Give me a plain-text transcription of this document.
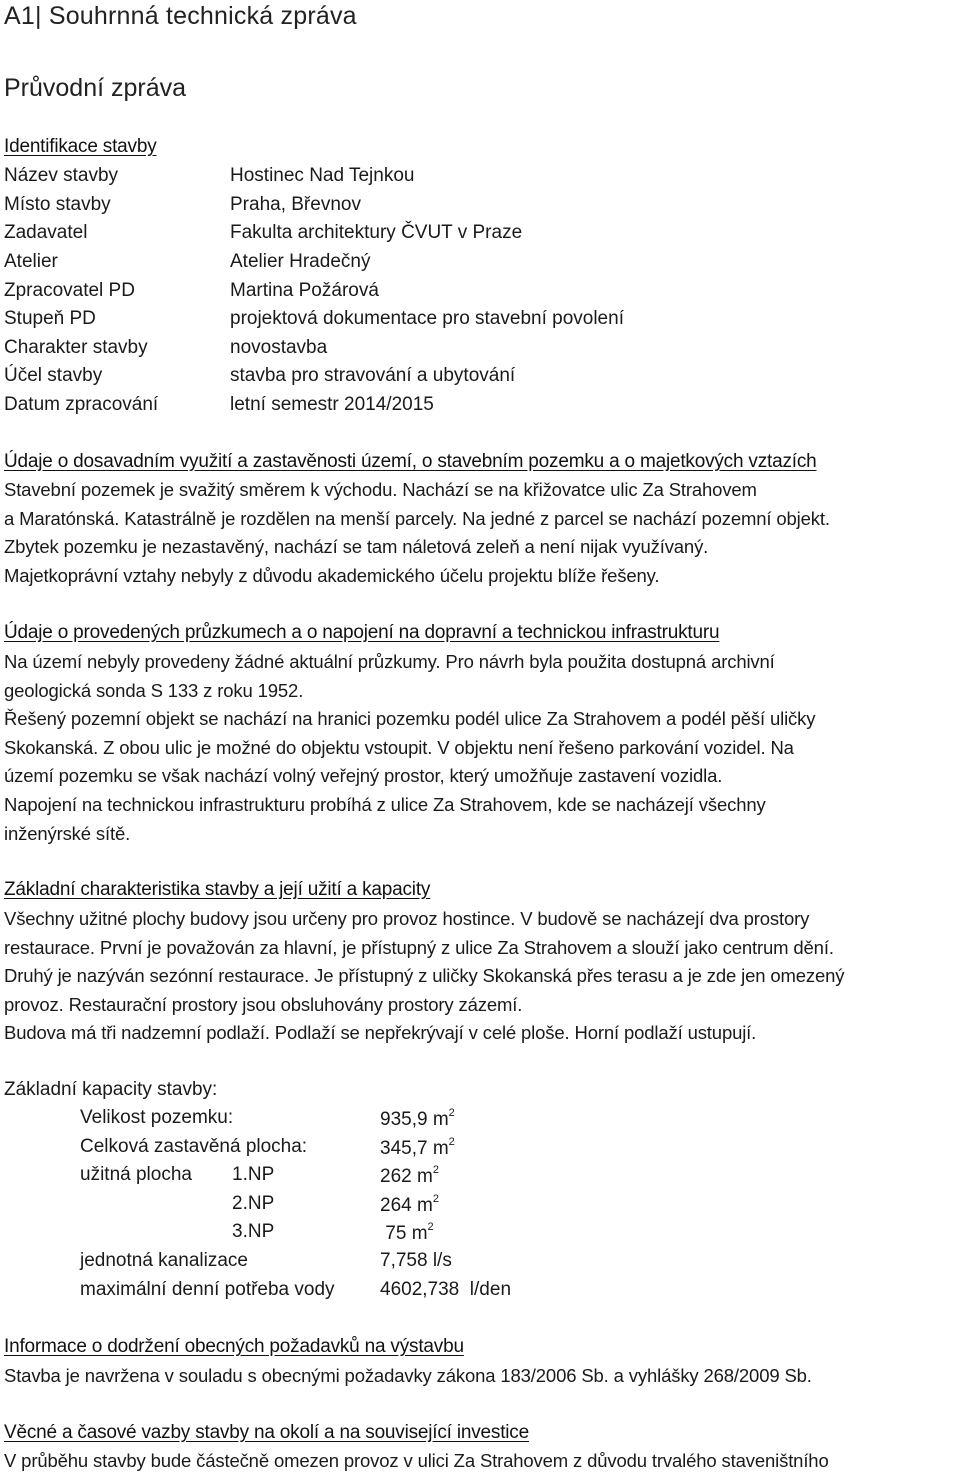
A1| Souhrnná technická zpráva
Průvodní zpráva
Identifikace stavby
Název stavby	Hostinec Nad Tejnkou
Místo stavby	Praha, Břevnov
Zadavatel	Fakulta architektury ČVUT v Praze
Atelier	Atelier Hradečný
Zpracovatel PD	Martina Požárová
Stupeň PD	projektová dokumentace pro stavební povolení
Charakter stavby	novostavba
Účel stavby	stavba pro stravování a ubytování
Datum zpracování	letní semestr 2014/2015
Údaje o dosavadním využití a zastavěnosti území, o stavebním pozemku a o majetkových vztazích

Stavební pozemek je svažitý směrem k východu. Nachází se na křižovatce ulic Za Strahovem

a Maratónská. Katastrálně je rozdělen na menší parcely. Na jedné z parcel se nachází pozemní objekt.

Zbytek pozemku je nezastavěný, nachází se tam náletová zeleň a není nijak využívaný.

Majetkoprávní vztahy nebyly z důvodu akademického účelu projektu blíže řešeny.

Údaje o provedených průzkumech a o napojení na dopravní a technickou infrastrukturu

Na území nebyly provedeny žádné aktuální průzkumy. Pro návrh byla použita dostupná archivní

geologická sonda S 133 z roku 1952.

Řešený pozemní objekt se nachází na hranici pozemku podél ulice Za Strahovem a podél pěší uličky

Skokanská. Z obou ulic je možné do objektu vstoupit. V objektu není řešeno parkování vozidel. Na

území pozemku se však nachází volný veřejný prostor, který umožňuje zastavení vozidla.

Napojení na technickou infrastrukturu probíhá z ulice Za Strahovem, kde se nacházejí všechny

inženýrské sítě.

Základní charakteristika stavby a její užití a kapacity

Všechny užitné plochy budovy jsou určeny pro provoz hostince. V budově se nacházejí dva prostory

restaurace. První je považován za hlavní, je přístupný z ulice Za Strahovem a slouží jako centrum dění.

Druhý je nazýván sezónní restaurace. Je přístupný z uličky Skokanská přes terasu a je zde jen omezený

provoz. Restaurační prostory jsou obsluhovány prostory zázemí.

Budova má tři nadzemní podlaží. Podlaží se nepřekrývají v celé ploše. Horní podlaží ustupují.

Základní kapacity stavby:
Velikost pozemku:	935,9 $m^2$
Celková zastavěná plocha:	345,7 $m^2$
užitná plocha 1.NP	262 $m^2$
2.NP	264 $m^2$
3.NP	75 $m^2$
jednotná kanalizace	7,758 l/s
maximální denní potřeba vody 4602,738  l/den
Informace o dodržení obecných požadavků na výstavbu

Stavba je navržena v souladu s obecnými požadavky zákona 183/2006 Sb. a vyhlášky 268/2009 Sb.

Věcné a časové vazby stavby na okolí a na související investice

V průběhu stavby bude částečně omezen provoz v ulici Za Strahovem z důvodu trvalého staveništního
